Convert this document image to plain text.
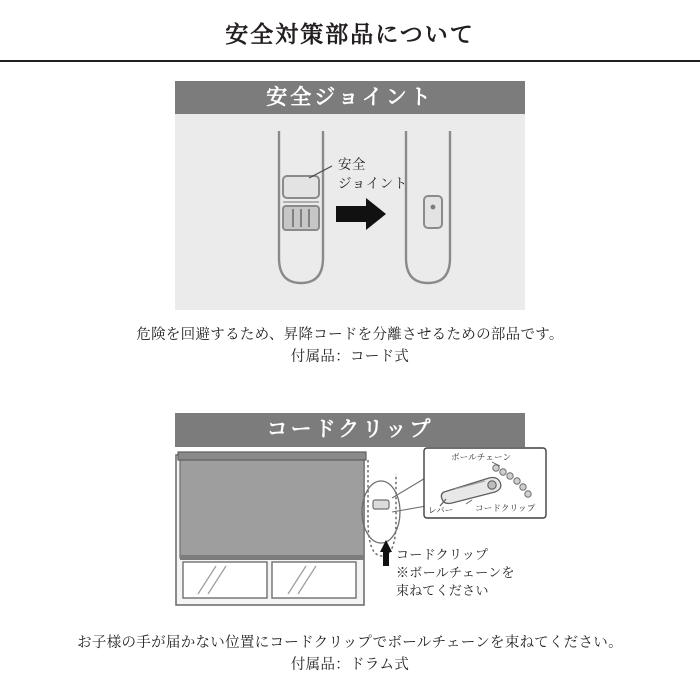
安全対策部品について
安全ジョイント
安全
ジョイント
危険を回避するため、昇降コードを分離させるための部品です。
付属品：コード式
コードクリップ
ボールチェーン
レバー	コードクリップ
コードクリップ
※ボールチェーンを
束ねてください
お子様の手が届かない位置にコードクリップでボールチェーンを束ねてください。
付属品：ドラム式
